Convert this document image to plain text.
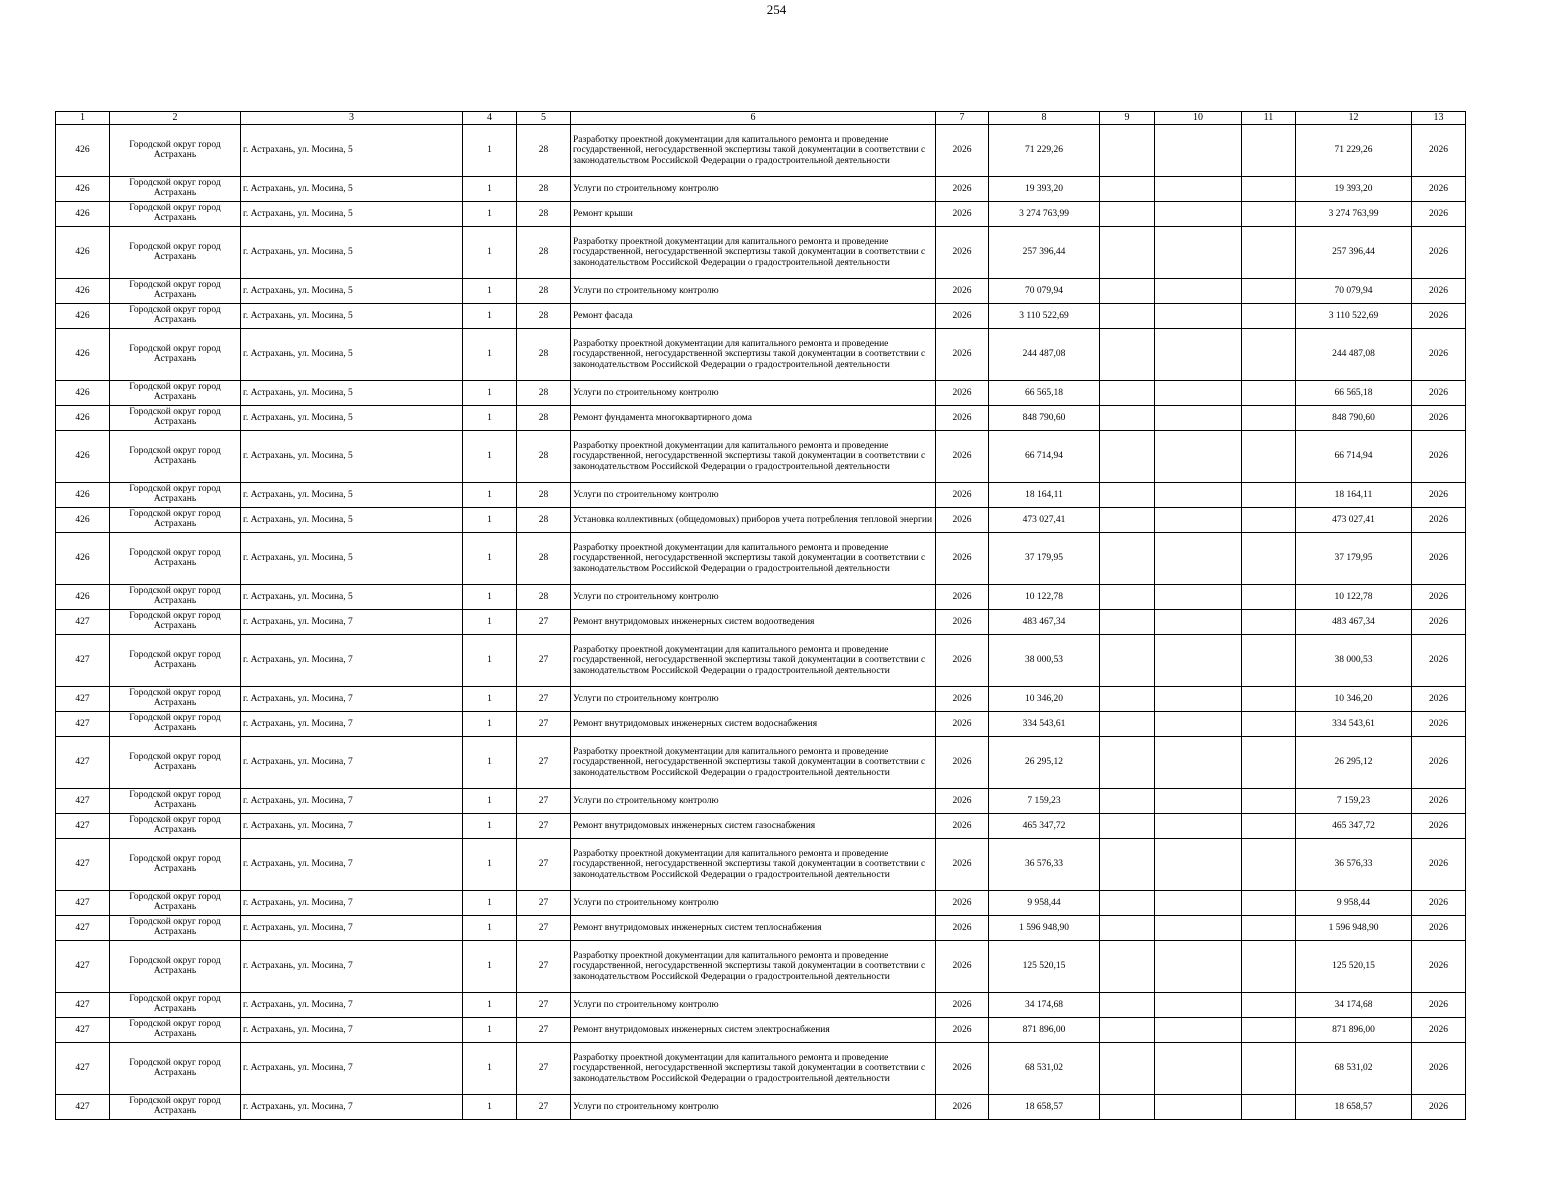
254
1	2	3	4	5	6	7	8	9	10	11	12	13
426	Городской округ город Астрахань	г. Астрахань, ул. Мосина, 5	1	28	Разработку проектной документации для капитального ремонта и проведение государственной, негосударственной экспертизы такой документации в соответствии с законодательством Российской Федерации о градостроительной деятельности	2026	71 229,26				71 229,26	2026
426	Городской округ город Астрахань	г. Астрахань, ул. Мосина, 5	1	28	Услуги по строительному контролю	2026	19 393,20				19 393,20	2026
426	Городской округ город Астрахань	г. Астрахань, ул. Мосина, 5	1	28	Ремонт крыши	2026	3 274 763,99				3 274 763,99	2026
426	Городской округ город Астрахань	г. Астрахань, ул. Мосина, 5	1	28	Разработку проектной документации для капитального ремонта и проведение государственной, негосударственной экспертизы такой документации в соответствии с законодательством Российской Федерации о градостроительной деятельности	2026	257 396,44				257 396,44	2026
426	Городской округ город Астрахань	г. Астрахань, ул. Мосина, 5	1	28	Услуги по строительному контролю	2026	70 079,94				70 079,94	2026
426	Городской округ город Астрахань	г. Астрахань, ул. Мосина, 5	1	28	Ремонт фасада	2026	3 110 522,69				3 110 522,69	2026
426	Городской округ город Астрахань	г. Астрахань, ул. Мосина, 5	1	28	Разработку проектной документации для капитального ремонта и проведение государственной, негосударственной экспертизы такой документации в соответствии с законодательством Российской Федерации о градостроительной деятельности	2026	244 487,08				244 487,08	2026
426	Городской округ город Астрахань	г. Астрахань, ул. Мосина, 5	1	28	Услуги по строительному контролю	2026	66 565,18				66 565,18	2026
426	Городской округ город Астрахань	г. Астрахань, ул. Мосина, 5	1	28	Ремонт фундамента многоквартирного дома	2026	848 790,60				848 790,60	2026
426	Городской округ город Астрахань	г. Астрахань, ул. Мосина, 5	1	28	Разработку проектной документации для капитального ремонта и проведение государственной, негосударственной экспертизы такой документации в соответствии с законодательством Российской Федерации о градостроительной деятельности	2026	66 714,94				66 714,94	2026
426	Городской округ город Астрахань	г. Астрахань, ул. Мосина, 5	1	28	Услуги по строительному контролю	2026	18 164,11				18 164,11	2026
426	Городской округ город Астрахань	г. Астрахань, ул. Мосина, 5	1	28	Установка коллективных (общедомовых) приборов учета потребления тепловой энергии	2026	473 027,41				473 027,41	2026
426	Городской округ город Астрахань	г. Астрахань, ул. Мосина, 5	1	28	Разработку проектной документации для капитального ремонта и проведение государственной, негосударственной экспертизы такой документации в соответствии с законодательством Российской Федерации о градостроительной деятельности	2026	37 179,95				37 179,95	2026
426	Городской округ город Астрахань	г. Астрахань, ул. Мосина, 5	1	28	Услуги по строительному контролю	2026	10 122,78				10 122,78	2026
427	Городской округ город Астрахань	г. Астрахань, ул. Мосина, 7	1	27	Ремонт внутридомовых инженерных систем водоотведения	2026	483 467,34				483 467,34	2026
427	Городской округ город Астрахань	г. Астрахань, ул. Мосина, 7	1	27	Разработку проектной документации для капитального ремонта и проведение государственной, негосударственной экспертизы такой документации в соответствии с законодательством Российской Федерации о градостроительной деятельности	2026	38 000,53				38 000,53	2026
427	Городской округ город Астрахань	г. Астрахань, ул. Мосина, 7	1	27	Услуги по строительному контролю	2026	10 346,20				10 346,20	2026
427	Городской округ город Астрахань	г. Астрахань, ул. Мосина, 7	1	27	Ремонт внутридомовых инженерных систем водоснабжения	2026	334 543,61				334 543,61	2026
427	Городской округ город Астрахань	г. Астрахань, ул. Мосина, 7	1	27	Разработку проектной документации для капитального ремонта и проведение государственной, негосударственной экспертизы такой документации в соответствии с законодательством Российской Федерации о градостроительной деятельности	2026	26 295,12				26 295,12	2026
427	Городской округ город Астрахань	г. Астрахань, ул. Мосина, 7	1	27	Услуги по строительному контролю	2026	7 159,23				7 159,23	2026
427	Городской округ город Астрахань	г. Астрахань, ул. Мосина, 7	1	27	Ремонт внутридомовых инженерных систем газоснабжения	2026	465 347,72				465 347,72	2026
427	Городской округ город Астрахань	г. Астрахань, ул. Мосина, 7	1	27	Разработку проектной документации для капитального ремонта и проведение государственной, негосударственной экспертизы такой документации в соответствии с законодательством Российской Федерации о градостроительной деятельности	2026	36 576,33				36 576,33	2026
427	Городской округ город Астрахань	г. Астрахань, ул. Мосина, 7	1	27	Услуги по строительному контролю	2026	9 958,44				9 958,44	2026
427	Городской округ город Астрахань	г. Астрахань, ул. Мосина, 7	1	27	Ремонт внутридомовых инженерных систем теплоснабжения	2026	1 596 948,90				1 596 948,90	2026
427	Городской округ город Астрахань	г. Астрахань, ул. Мосина, 7	1	27	Разработку проектной документации для капитального ремонта и проведение государственной, негосударственной экспертизы такой документации в соответствии с законодательством Российской Федерации о градостроительной деятельности	2026	125 520,15				125 520,15	2026
427	Городской округ город Астрахань	г. Астрахань, ул. Мосина, 7	1	27	Услуги по строительному контролю	2026	34 174,68				34 174,68	2026
427	Городской округ город Астрахань	г. Астрахань, ул. Мосина, 7	1	27	Ремонт внутридомовых инженерных систем электроснабжения	2026	871 896,00				871 896,00	2026
427	Городской округ город Астрахань	г. Астрахань, ул. Мосина, 7	1	27	Разработку проектной документации для капитального ремонта и проведение государственной, негосударственной экспертизы такой документации в соответствии с законодательством Российской Федерации о градостроительной деятельности	2026	68 531,02				68 531,02	2026
427	Городской округ город Астрахань	г. Астрахань, ул. Мосина, 7	1	27	Услуги по строительному контролю	2026	18 658,57				18 658,57	2026
